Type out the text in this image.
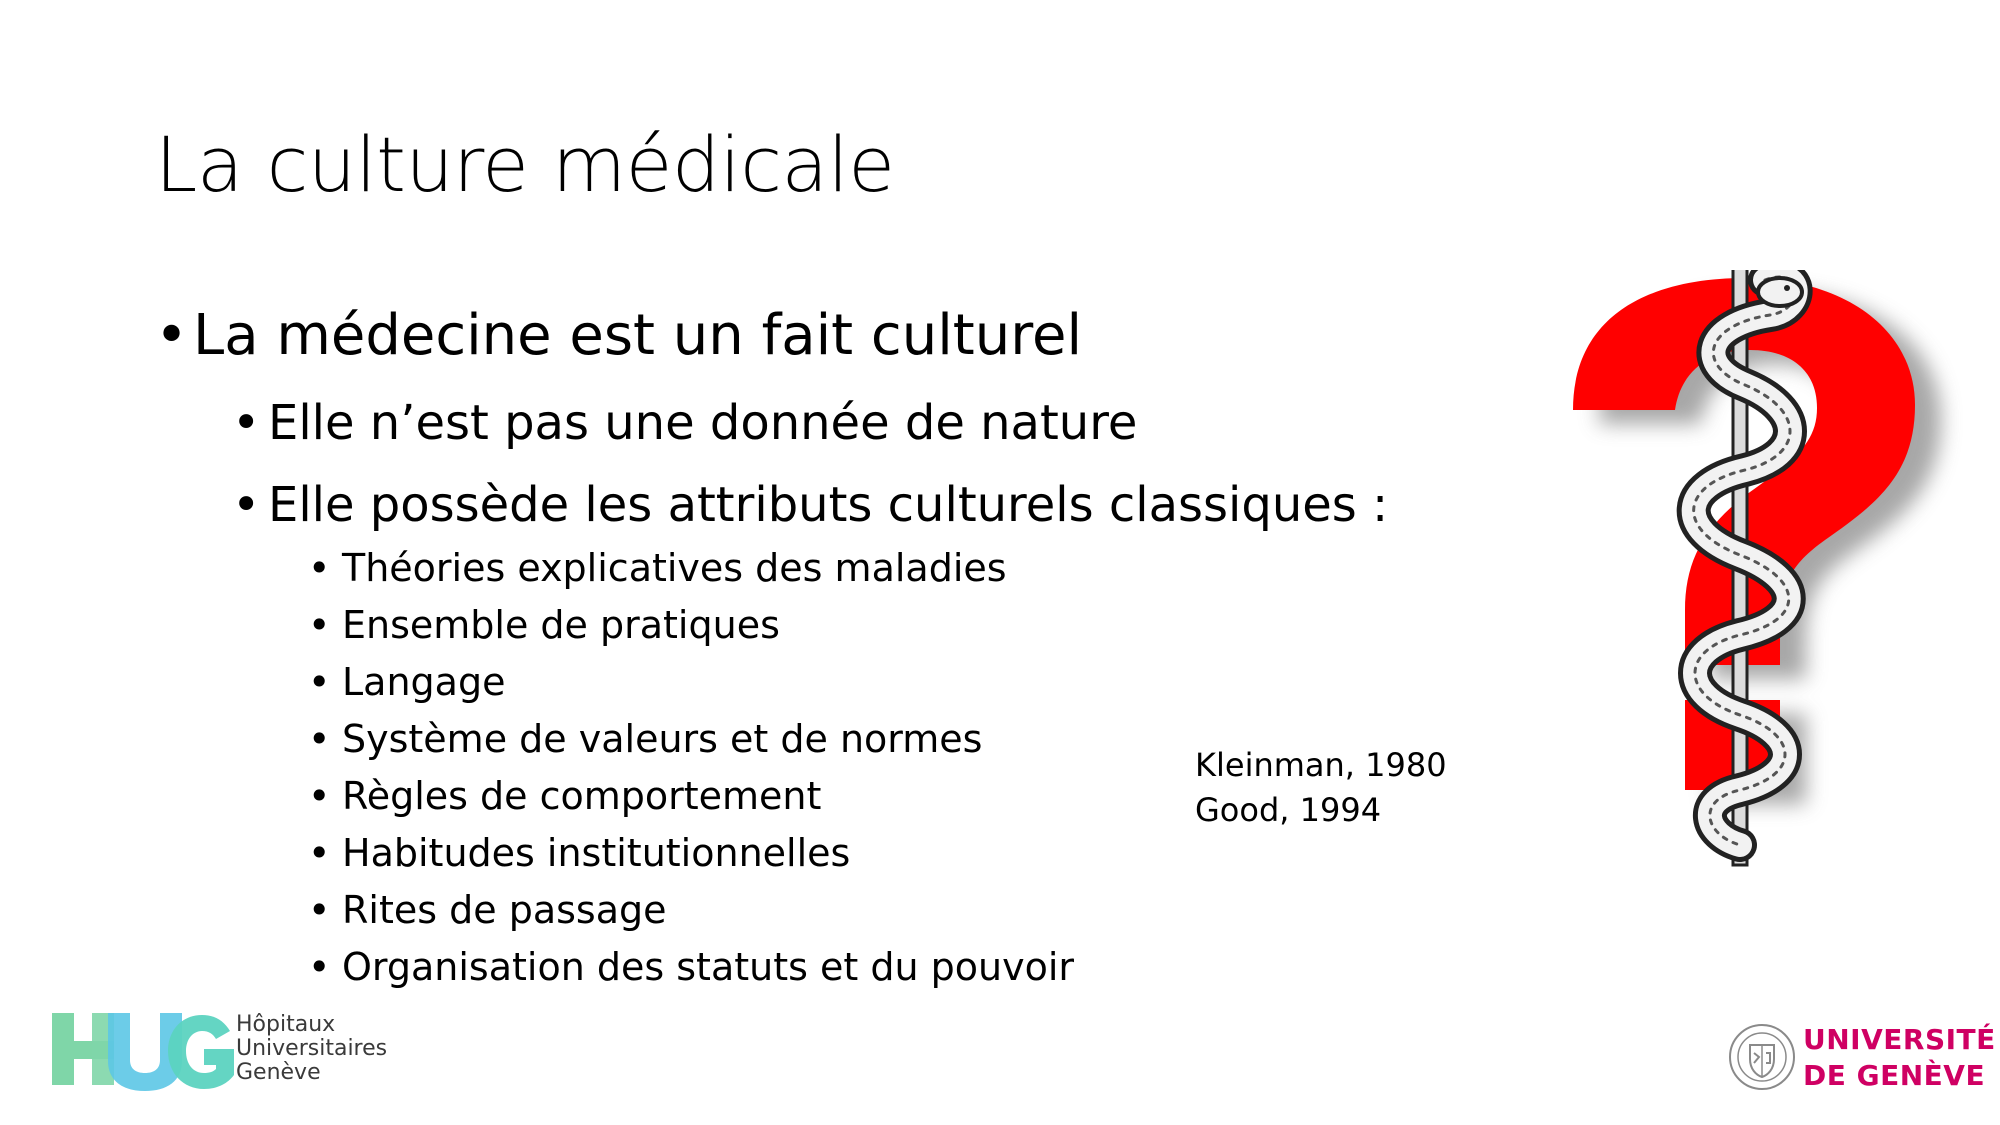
La culture médicale
• La médecine est un fait culturel
• Elle n’est pas une donnée de nature
• Elle possède les attributs culturels classiques :
• Théories explicatives des maladies
• Ensemble de pratiques
• Langage
• Système de valeurs et de normes
• Règles de comportement
• Habitudes institutionnelles
• Rites de passage
• Organisation des statuts et du pouvoir
Kleinman, 1980
Good, 1994
Hôpitaux
Universitaires
Genève
UNIVERSITÉ
DE GENÈVE
